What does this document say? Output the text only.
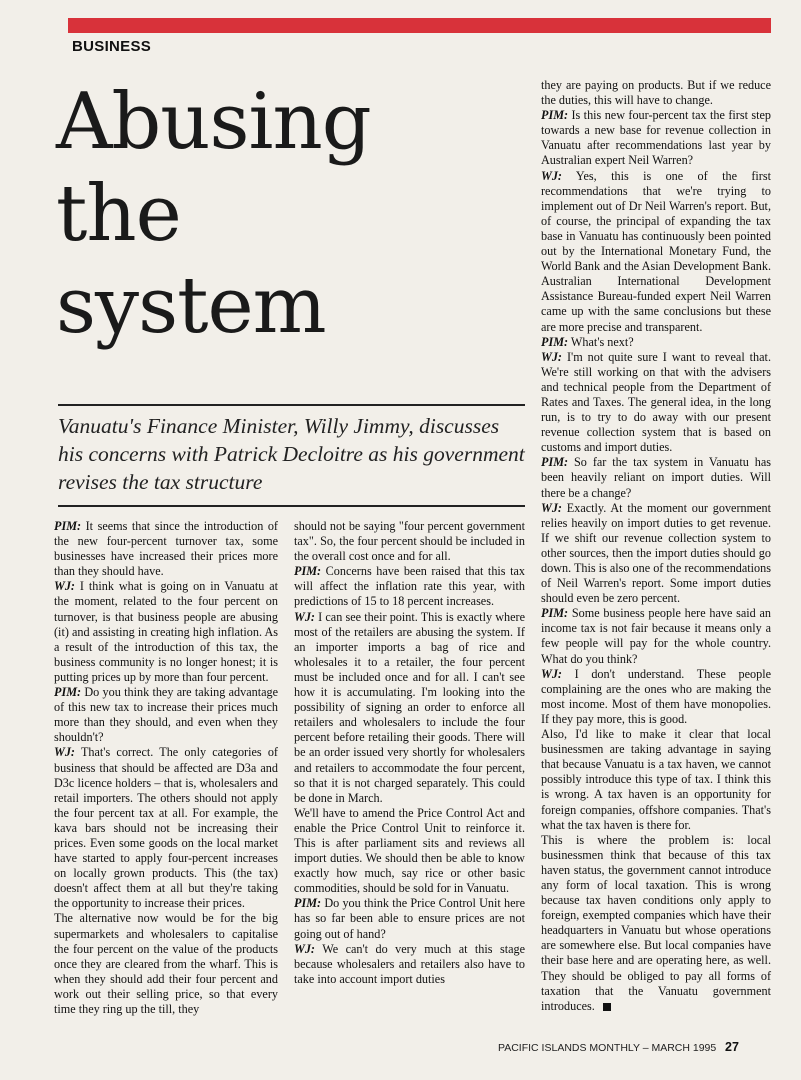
BUSINESS
Abusing
the
system
Vanuatu's Finance Minister, Willy Jimmy, discusses his concerns with Patrick Decloitre as his government revises the tax structure

PIM: It seems that since the introduction of the new four-percent turnover tax, some businesses have increased their prices more than they should have.

WJ: I think what is going on in Vanuatu at the moment, related to the four percent on turnover, is that business people are abusing (it) and assisting in creating high inflation. As a result of the introduction of this tax, the business community is no longer honest; it is putting prices up by more than four percent.

PIM: Do you think they are taking advantage of this new tax to increase their prices much more than they should, and even when they shouldn't?

WJ: That's correct. The only categories of business that should be affected are D3a and D3c licence holders – that is, wholesalers and retail importers. The others should not apply the four percent tax at all. For example, the kava bars should not be increasing their prices. Even some goods on the local market have started to apply four-percent increases on locally grown products. This (the tax) doesn't affect them at all but they're taking the opportunity to increase their prices.

The alternative now would be for the big supermarkets and wholesalers to capitalise the four percent on the value of the products once they are cleared from the wharf. This is when they should add their four percent and work out their selling price, so that every time they ring up the till, they

should not be saying "four percent government tax". So, the four percent should be included in the overall cost once and for all.

PIM: Concerns have been raised that this tax will affect the inflation rate this year, with predictions of 15 to 18 percent increases.

WJ: I can see their point. This is exactly where most of the retailers are abusing the system. If an importer imports a bag of rice and wholesales it to a retailer, the four percent must be included once and for all. I can't see how it is accumulating. I'm looking into the possibility of signing an order to enforce all retailers and wholesalers to include the four percent before retailing their goods. There will be an order issued very shortly for wholesalers and retailers to accommodate the four percent, so that it is not charged separately. This could be done in March.

We'll have to amend the Price Control Act and enable the Price Control Unit to reinforce it. This is after parliament sits and reviews all import duties. We should then be able to know exactly how much, say rice or other basic commodities, should be sold for in Vanuatu.

PIM: Do you think the Price Control Unit here has so far been able to ensure prices are not going out of hand?

WJ: We can't do very much at this stage because wholesalers and retailers also have to take into account import duties

they are paying on products. But if we reduce the duties, this will have to change.

PIM: Is this new four-percent tax the first step towards a new base for revenue collection in Vanuatu after recommendations last year by Australian expert Neil Warren?

WJ: Yes, this is one of the first recommendations that we're trying to implement out of Dr Neil Warren's report. But, of course, the principal of expanding the tax base in Vanuatu has continuously been pointed out by the International Monetary Fund, the World Bank and the Asian Development Bank. Australian International Development Assistance Bureau-funded expert Neil Warren came up with the same conclusions but these are more precise and transparent.

PIM: What's next?

WJ: I'm not quite sure I want to reveal that. We're still working on that with the advisers and technical people from the Department of Rates and Taxes. The general idea, in the long run, is to try to do away with our present revenue collection system that is based on customs and import duties.

PIM: So far the tax system in Vanuatu has been heavily reliant on import duties. Will there be a change?

WJ: Exactly. At the moment our government relies heavily on import duties to get revenue. If we shift our revenue collection system to other sources, then the import duties should go down. This is also one of the recommendations of Neil Warren's report. Some import duties should even be zero percent.

PIM: Some business people here have said an income tax is not fair because it means only a few people will pay for the whole country. What do you think?

WJ: I don't understand. These people complaining are the ones who are making the most income. Most of them have monopolies. If they pay more, this is good.

Also, I'd like to make it clear that local businessmen are taking advantage in saying that because Vanuatu is a tax haven, we cannot possibly introduce this type of tax. I think this is wrong. A tax haven is an opportunity for foreign companies, offshore companies. That's what the tax haven is there for.

This is where the problem is: local businessmen think that because of this tax haven status, the government cannot introduce any form of local taxation. This is wrong because tax haven conditions only apply to foreign, exempted companies which have their headquarters in Vanuatu but whose operations are somewhere else. But local companies have their base here and are operating here, as well. They should be obliged to pay all forms of taxation that the Vanuatu government introduces.

PACIFIC ISLANDS MONTHLY – MARCH 1995 27
